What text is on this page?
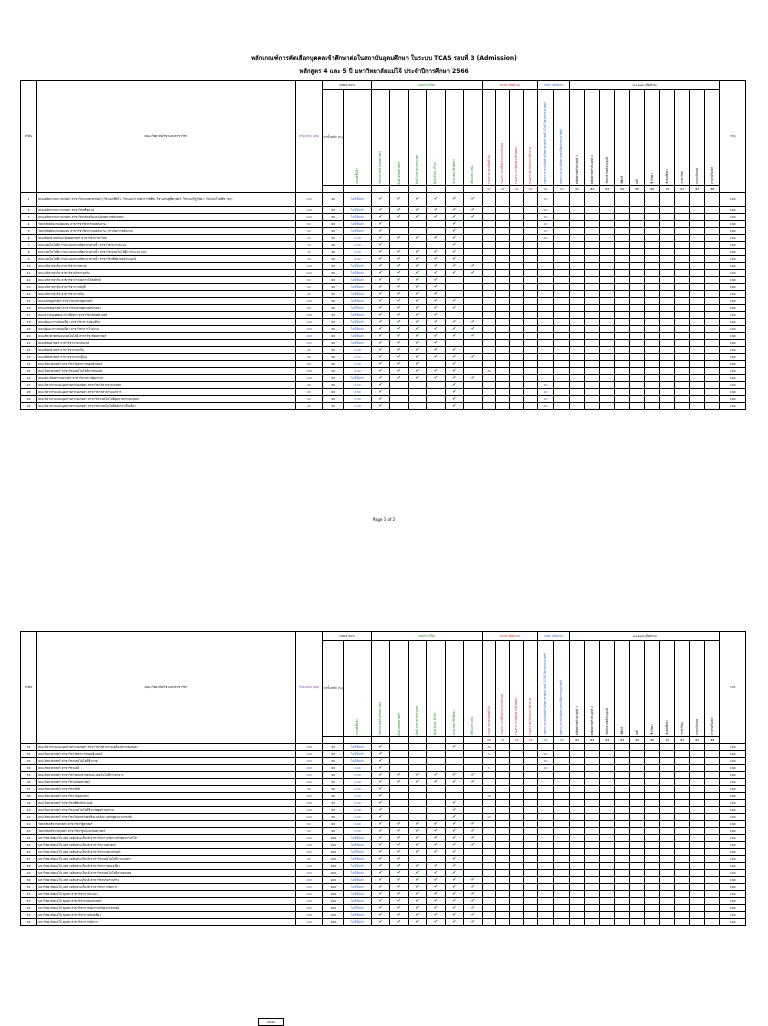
หลักเกณฑ์การคัดเลือกบุคคลเข้าศึกษาต่อในสถาบันอุดมศึกษา ในระบบ TCAS รอบที่ 3 (Admission)
หลักสูตร 4 และ 5 ปี มหาวิทยาลัยแม่โจ้ ประจำปีการศึกษา 2566
ลำดับ	คณะ/วิทยาลัย/วิชาเอก/สาขาวิชา	จำนวนรับ (คน)	GPAX 50%		แผนการเรียน						TGAT (สัดส่วน)				TPAT (สัดส่วน)		A-Level (สัดส่วน)										รวม
			ค่าน้ำหนัก (%)	เกณฑ์ขั้นต่ำ	วิทยาศาสตร์-คณิตศาสตร์	ศิลป์-คณิตศาสตร์	ศิลป์-ภาษาต่างประเทศ	ศิลป์-สังคม ทั่วไป	ประเภทอาชีวศึกษา	เทียบเท่า กศน.	TGAT ความถนัดทั่วไป	TGAT1 การสื่อสารภาษาอังกฤษ	TGAT2 การคิดอย่างมีเหตุผล	TGAT3 สมรรถนะการทำงาน	TPAT3 ความถนัดด้านวิทยาศาสตร์ เทคโนโลยี วิศวกรรมศาสตร์	TPAT4 ความถนัดทางสถาปัตยกรรมศาสตร์	คณิตศาสตร์ประยุกต์ 1	คณิตศาสตร์ประยุกต์ 2	วิทยาศาสตร์ประยุกต์	ฟิสิกส์	เคมี	ชีววิทยา	สังคมศึกษา	ภาษาไทย	ภาษาอังกฤษ	ภาษาฝรั่งเศส	
											90	91	92	93	94	95	81	82	83	84	85	86	70	81	82	89	
1	คณะผลิตกรรมการเกษตร สาขาวิชาเกษตรศาสตร์ (วิชาเอกพืชไร่, วิชาเอกการจัดการวัชพืช, วิชาเอกปฐพีศาสตร์, วิชาเอกกีฏวิทยา, วิชาเอกโรคพืช ฯลฯ)	200	50	ไม่มีขั้นต่ำ	✔	✔	✔	✔	✔	✔					20												100
2	คณะผลิตกรรมการเกษตร สาขาวิชาพืชสวน	100	50	ไม่มีขั้นต่ำ	✔	✔	✔	✔	✔	✔					20												100
3	คณะผลิตกรรมการเกษตร สาขาวิชาส่งเสริมและนิเทศศาสตร์เกษตร	100	50	ไม่มีขั้นต่ำ	✔	✔	✔	✔	✔	✔					20												100
4	วิทยาลัยพลังงานทดแทน สาขาวิชาวิศวกรรมพลังงาน	60	50	ไม่มีขั้นต่ำ	✔				✔						20												100
5	วิทยาลัยพลังงานทดแทน สาขาวิชาวิศวกรรมพลังงาน (การจัดการพลังงาน)	60	50	ไม่มีขั้นต่ำ	✔				✔						20												100
6	คณะศิลปศาสตร์และนิเทศศาสตร์ สาขาวิชาภาษาไทย	20	50	2.50	✔	✔	✔	✔	✔						20												100
7	คณะเทคโนโลยีการประมงและทรัพยากรทางน้ำ สาขาวิชาการประมง	15	20	2.00	✔				✔																		100
8	คณะเทคโนโลยีการประมงและทรัพยากรทางน้ำ สาขาวิชาเทคโนโลยีการประมง (IO)	15	20	2.00	✔	✔	✔	✔	✔																		100
9	คณะเทคโนโลยีการประมงและทรัพยากรทางน้ำ สาขาวิชาพืชศาสตร์ประยุกต์	20	20	2.00	✔	✔	✔	✔	✔																		100
10	คณะบริหารธุรกิจ สาขาวิชาการตลาด	100	50	ไม่มีขั้นต่ำ	✔	✔	✔	✔	✔	✔																	100
11	คณะบริหารธุรกิจ สาขาวิชาบริหารธุรกิจ	100	50	ไม่มีขั้นต่ำ	✔	✔	✔	✔	✔	✔																	100
12	คณะบริหารธุรกิจ สาขาวิชาการจัดการโลจิสติกส์	60	50	ไม่มีขั้นต่ำ	✔	✔	✔	✔																			100
13	คณะบริหารธุรกิจ สาขาวิชาการบัญชี	60	50	ไม่มีขั้นต่ำ	✔	✔	✔	✔																			100
14	คณะบริหารธุรกิจ สาขาวิชาการเงิน	60	50	ไม่มีขั้นต่ำ	✔	✔	✔	✔																			100
15	คณะเศรษฐศาสตร์ สาขาวิชาเศรษฐศาสตร์	100	50	ไม่มีขั้นต่ำ	✔	✔	✔	✔	✔																		100
16	คณะเศรษฐศาสตร์ สาขาวิชาเศรษฐศาสตร์เกษตร	60	50	ไม่มีขั้นต่ำ	✔	✔	✔	✔	✔																		100
17	คณะสารสนเทศและการสื่อสาร สาขาวิชานิเทศศาสตร์	100	50	ไม่มีขั้นต่ำ	✔	✔	✔	✔																			100
18	คณะพัฒนาการท่องเที่ยว สาขาวิชาการท่องเที่ยว	100	50	ไม่มีขั้นต่ำ	✔	✔	✔	✔	✔	✔																	100
19	คณะพัฒนาการท่องเที่ยว สาขาวิชาการโรงแรม	100	50	ไม่มีขั้นต่ำ	✔	✔	✔	✔	✔	✔																	100
20	คณะสัตวศาสตร์และเทคโนโลยี สาขาวิชาสัตวศาสตร์	100	50	ไม่มีขั้นต่ำ	✔	✔	✔	✔	✔	✔																	100
21	คณะศิลปศาสตร์ สาขาวิชาภาษาอังกฤษ	100	50	ไม่มีขั้นต่ำ	✔	✔	✔	✔																			100
22	คณะศิลปศาสตร์ สาขาวิชาภาษาจีน	60	50	2.50	✔	✔	✔	✔	✔																		100
23	คณะศิลปศาสตร์ สาขาวิชาภาษาญี่ปุ่น	60	50	2.50	✔	✔	✔	✔	✔	✔																	100
24	คณะวิทยาศาสตร์ สาขาวิชาวิทยาการคอมพิวเตอร์	60	50	2.50	✔	✔	✔		✔																		100
25	คณะวิทยาศาสตร์ สาขาวิชาเทคโนโลยีสารสนเทศ	100	20	2.00	✔	✔	✔	✔	✔		40																100
26	คณะสถาปัตยกรรมศาสตร์ สาขาวิชาสถาปัตยกรรม	100	50	ไม่มีขั้นต่ำ	✔	✔	✔	✔	✔	✔																	100
27	คณะวิศวกรรมและอุตสาหกรรมเกษตร สาขาวิชาวิศวกรรมเกษตร	60	50	2.50	✔				✔						20												100
28	คณะวิศวกรรมและอุตสาหกรรมเกษตร สาขาวิชาวิศวกรรมอาหาร	60	50	2.50	✔				✔						20												100
29	คณะวิศวกรรมและอุตสาหกรรมเกษตร สาขาวิชาเทคโนโลยีอุตสาหกรรมเกษตร	60	50	2.50	✔				✔						20												100
30	คณะวิศวกรรมและอุตสาหกรรมเกษตร สาขาวิชาเทคโนโลยีหลังการเก็บเกี่ยว	60	50	2.50	✔				✔						20												100
Page 1 of 2
ลำดับ	คณะ/วิทยาลัย/วิชาเอก/สาขาวิชา	จำนวนรับ (คน)	GPAX 50%		แผนการเรียน						TGAT (สัดส่วน)				TPAT (สัดส่วน)		A-Level (สัดส่วน)										รวม
			ค่าน้ำหนัก (%)	เกณฑ์ขั้นต่ำ	วิทยาศาสตร์-คณิตศาสตร์	ศิลป์-คณิตศาสตร์	ศิลป์-ภาษาต่างประเทศ	ศิลป์-สังคม ทั่วไป	ประเภทอาชีวศึกษา	เทียบเท่า กศน.	TGAT ความถนัดทั่วไป	TGAT1 การสื่อสารภาษาอังกฤษ	TGAT2 การคิดอย่างมีเหตุผล	TGAT3 สมรรถนะการทำงาน	TPAT3 ความถนัดด้านวิทยาศาสตร์ เทคโนโลยี วิศวกรรมศาสตร์	TPAT4 ความถนัดทางสถาปัตยกรรมศาสตร์	คณิตศาสตร์ประยุกต์ 1	คณิตศาสตร์ประยุกต์ 2	วิทยาศาสตร์ประยุกต์	ฟิสิกส์	เคมี	ชีววิทยา	สังคมศึกษา	ภาษาไทย	ภาษาอังกฤษ	ภาษาฝรั่งเศส	
											90	91	92	93	94	95	81	82	83	84	85	86	70	81	82	89	
31	คณะวิศวกรรมและอุตสาหกรรมเกษตร สาขาวิชาวิศวกรรมเครื่องจักรกลเกษตร	100	50	ไม่มีขั้นต่ำ	✔				✔		40																100
32	คณะวิทยาศาสตร์ สาขาวิชาวิทยาการคอมพิวเตอร์	100	50	ไม่มีขั้นต่ำ	✔						5				20												100
33	คณะวิทยาศาสตร์ สาขาวิชาเทคโนโลยีชีวภาพ	100	50	ไม่มีขั้นต่ำ	✔										20												100
34	คณะวิทยาศาสตร์ สาขาวิชาเคมี	100	50	2.00	✔						5				20												100
35	คณะวิทยาศาสตร์ สาขาวิชาวิทยาศาสตร์และเทคโนโลยีการอาหาร	100	50	2.00	✔	✔	✔	✔	✔	✔																	100
36	คณะวิทยาศาสตร์ สาขาวิชาคณิตศาสตร์	100	50	2.00	✔	✔	✔	✔	✔	✔																	100
37	คณะวิทยาศาสตร์ สาขาวิชาสถิติ	60	50	2.00	✔																						100
38	คณะวิทยาศาสตร์ สาขาวิชาวัสดุศาสตร์	100	50	2.00	✔						10																100
39	คณะวิทยาศาสตร์ สาขาวิชาฟิสิกส์ประยุกต์	100	50	2.00	✔				✔																		100
40	คณะวิทยาศาสตร์ สาขาวิชาเทคโนโลยีชีวภาพอุตสาหกรรม	100	50	2.00	✔				✔																		100
41	คณะวิทยาศาสตร์ สาขาวิชาวิทยาศาสตร์สิ่งแวดล้อม (หลักสูตรนานาชาติ)	100	50	2.00	✔				✔		10																100
42	วิทยาลัยบริหารศาสตร์ สาขาวิชารัฐศาสตร์	60	50	2.00	✔	✔	✔	✔	✔	✔																	100
43	วิทยาลัยบริหารศาสตร์ สาขาวิชารัฐประศาสนศาสตร์	60	50	2.00	✔	✔	✔	✔	✔	✔																	100
44	มหาวิทยาลัยแม่โจ้-แพร่ เฉลิมพระเกียรติ สาขาวิชาการจัดการทรัพยากรป่าไม้	100	100	ไม่มีขั้นต่ำ	✔	✔	✔	✔	✔	✔																	100
45	มหาวิทยาลัยแม่โจ้-แพร่ เฉลิมพระเกียรติ สาขาวิชาวนศาสตร์	100	100	ไม่มีขั้นต่ำ	✔	✔	✔	✔	✔	✔																	100
46	มหาวิทยาลัยแม่โจ้-แพร่ เฉลิมพระเกียรติ สาขาวิชาเกษตรศาสตร์	100	100	ไม่มีขั้นต่ำ	✔	✔	✔	✔	✔																		100
47	มหาวิทยาลัยแม่โจ้-แพร่ เฉลิมพระเกียรติ สาขาวิชาเทคโนโลยีการเกษตร	60	100	ไม่มีขั้นต่ำ	✔	✔			✔																		100
48	มหาวิทยาลัยแม่โจ้-แพร่ เฉลิมพระเกียรติ สาขาวิชาการท่องเที่ยว	100	100	ไม่มีขั้นต่ำ	✔	✔	✔	✔	✔																		100
49	มหาวิทยาลัยแม่โจ้-แพร่ เฉลิมพระเกียรติ สาขาวิชาเทคโนโลยีสารสนเทศ	100	100	ไม่มีขั้นต่ำ	✔	✔	✔	✔	✔																		100
50	มหาวิทยาลัยแม่โจ้-แพร่ เฉลิมพระเกียรติ สาขาวิชาบริหารธุรกิจ	100	100	ไม่มีขั้นต่ำ	✔	✔	✔	✔	✔	✔																	100
51	มหาวิทยาลัยแม่โจ้-แพร่ เฉลิมพระเกียรติ สาขาวิชาการจัดการ	100	100	ไม่มีขั้นต่ำ	✔	✔	✔	✔	✔	✔																	100
52	มหาวิทยาลัยแม่โจ้-ชุมพร สาขาวิชาการประมง	100	100	ไม่มีขั้นต่ำ	✔	✔	✔	✔	✔	✔																	100
53	มหาวิทยาลัยแม่โจ้-ชุมพร สาขาวิชาเกษตรศาสตร์	100	100	ไม่มีขั้นต่ำ	✔	✔	✔	✔	✔	✔																	100
54	มหาวิทยาลัยแม่โจ้-ชุมพร สาขาวิชาการจัดการทรัพยากรชายฝั่ง	100	100	ไม่มีขั้นต่ำ	✔	✔	✔	✔	✔	✔																	100
55	มหาวิทยาลัยแม่โจ้-ชุมพร สาขาวิชาการท่องเที่ยว	100	100	ไม่มีขั้นต่ำ	✔	✔	✔	✔	✔	✔																	100
56	มหาวิทยาลัยแม่โจ้-ชุมพร สาขาวิชาการจัดการ	100	100	ไม่มีขั้นต่ำ	✔	✔	✔	✔	✔	✔																	100
5040
